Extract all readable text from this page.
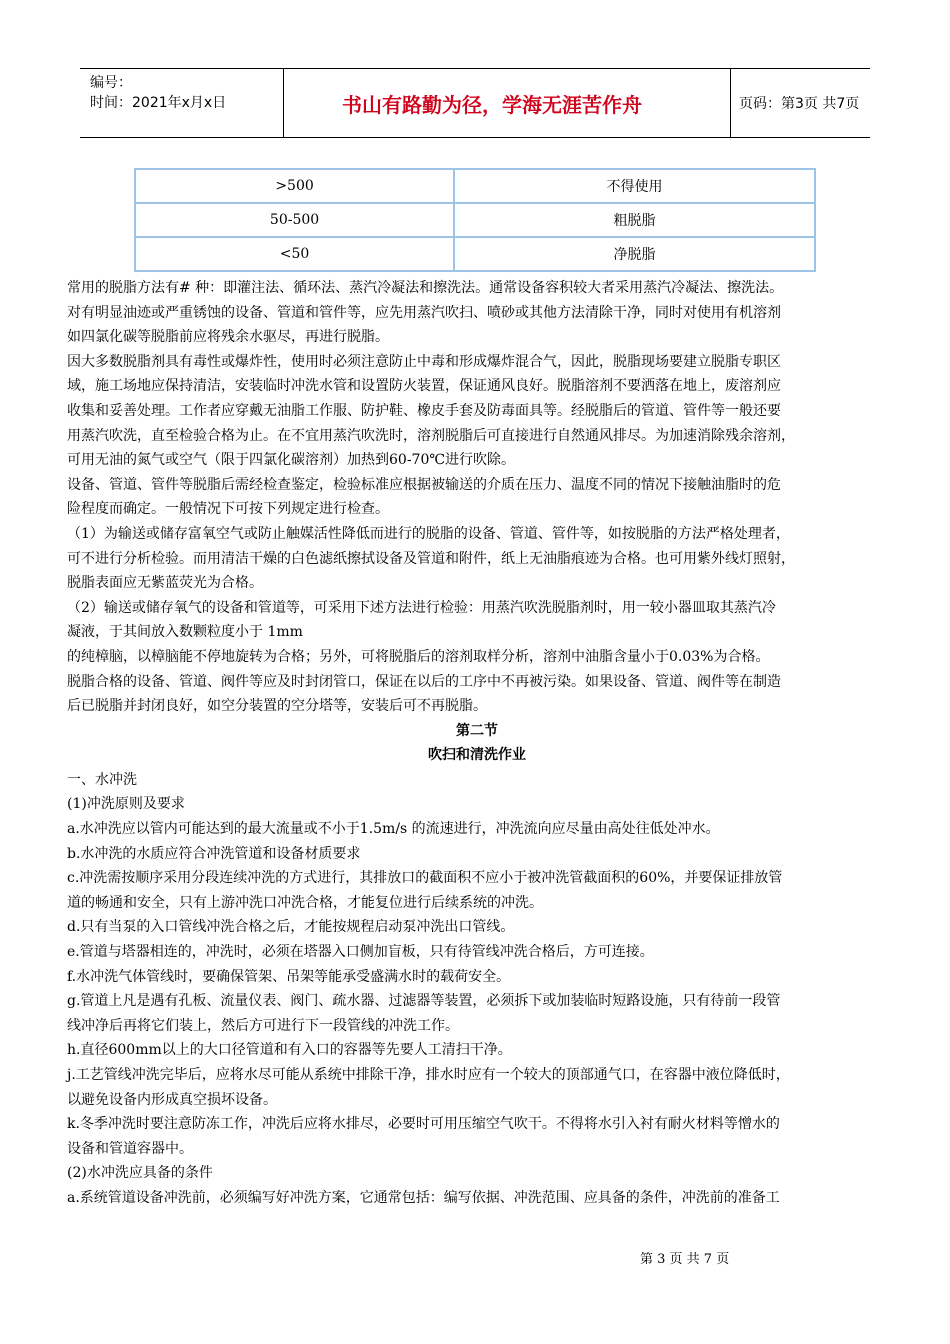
编号：
时间：2021年x月x日	书山有路勤为径，学海无涯苦作舟	页码：第3页 共7页
>500	不得使用
50-500	粗脱脂
<50	净脱脂

常用的脱脂方法有# 种：即灌注法、循环法、蒸汽冷凝法和擦洗法。通常设备容积较大者采用蒸汽冷凝法、擦洗法。

对有明显油迹或严重锈蚀的设备、管道和管件等，应先用蒸汽吹扫、喷砂或其他方法清除干净，同时对使用有机溶剂

如四氯化碳等脱脂前应将残余水驱尽，再进行脱脂。

因大多数脱脂剂具有毒性或爆炸性，使用时必须注意防止中毒和形成爆炸混合气，因此，脱脂现场要建立脱脂专职区

域，施工场地应保持清洁，安装临时冲洗水管和设置防火装置，保证通风良好。脱脂溶剂不要洒落在地上，废溶剂应

收集和妥善处理。工作者应穿戴无油脂工作服、防护鞋、橡皮手套及防毒面具等。经脱脂后的管道、管件等一般还要

用蒸汽吹洗，直至检验合格为止。在不宜用蒸汽吹洗时，溶剂脱脂后可直接进行自然通风排尽。为加速消除残余溶剂，

可用无油的氮气或空气（限于四氯化碳溶剂）加热到60-70℃进行吹除。

设备、管道、管件等脱脂后需经检查鉴定，检验标准应根据被输送的介质在压力、温度不同的情况下接触油脂时的危

险程度而确定。一般情况下可按下列规定进行检查。

（1）为输送或储存富氧空气或防止触媒活性降低而进行的脱脂的设备、管道、管件等，如按脱脂的方法严格处理者，

可不进行分析检验。而用清洁干燥的白色滤纸擦拭设备及管道和附件，纸上无油脂痕迹为合格。也可用紫外线灯照射，

脱脂表面应无紫蓝荧光为合格。

（2）输送或储存氧气的设备和管道等，可采用下述方法进行检验：用蒸汽吹洗脱脂剂时，用一较小器皿取其蒸汽冷

凝液，于其间放入数颗粒度小于 1mm

的纯樟脑，以樟脑能不停地旋转为合格；另外，可将脱脂后的溶剂取样分析，溶剂中油脂含量小于0.03%为合格。

脱脂合格的设备、管道、阀件等应及时封闭管口，保证在以后的工序中不再被污染。如果设备、管道、阀件等在制造

后已脱脂并封闭良好，如空分装置的空分塔等，安装后可不再脱脂。

第二节

吹扫和清洗作业

一、水冲洗

(1)冲洗原则及要求

a.水冲洗应以管内可能达到的最大流量或不小于1.5m/s 的流速进行，冲洗流向应尽量由高处往低处冲水。

b.水冲洗的水质应符合冲洗管道和设备材质要求

c.冲洗需按顺序采用分段连续冲洗的方式进行，其排放口的截面积不应小于被冲洗管截面积的60%，并要保证排放管

道的畅通和安全，只有上游冲洗口冲洗合格，才能复位进行后续系统的冲洗。

d.只有当泵的入口管线冲洗合格之后，才能按规程启动泵冲洗出口管线。

e.管道与塔器相连的，冲洗时，必须在塔器入口侧加盲板，只有待管线冲洗合格后，方可连接。

f.水冲洗气体管线时，要确保管架、吊架等能承受盛满水时的载荷安全。

g.管道上凡是遇有孔板、流量仪表、阀门、疏水器、过滤器等装置，必须拆下或加装临时短路设施，只有待前一段管

线冲净后再将它们装上，然后方可进行下一段管线的冲洗工作。

h.直径600mm以上的大口径管道和有入口的容器等先要人工清扫干净。

j.工艺管线冲洗完毕后，应将水尽可能从系统中排除干净，排水时应有一个较大的顶部通气口，在容器中液位降低时，

以避免设备内形成真空损坏设备。

k.冬季冲洗时要注意防冻工作，冲洗后应将水排尽，必要时可用压缩空气吹干。不得将水引入衬有耐火材料等憎水的

设备和管道容器中。

(2)水冲洗应具备的条件

a.系统管道设备冲洗前，必须编写好冲洗方案，它通常包括：编写依据、冲洗范围、应具备的条件，冲洗前的准备工

第 3 页 共 7 页
